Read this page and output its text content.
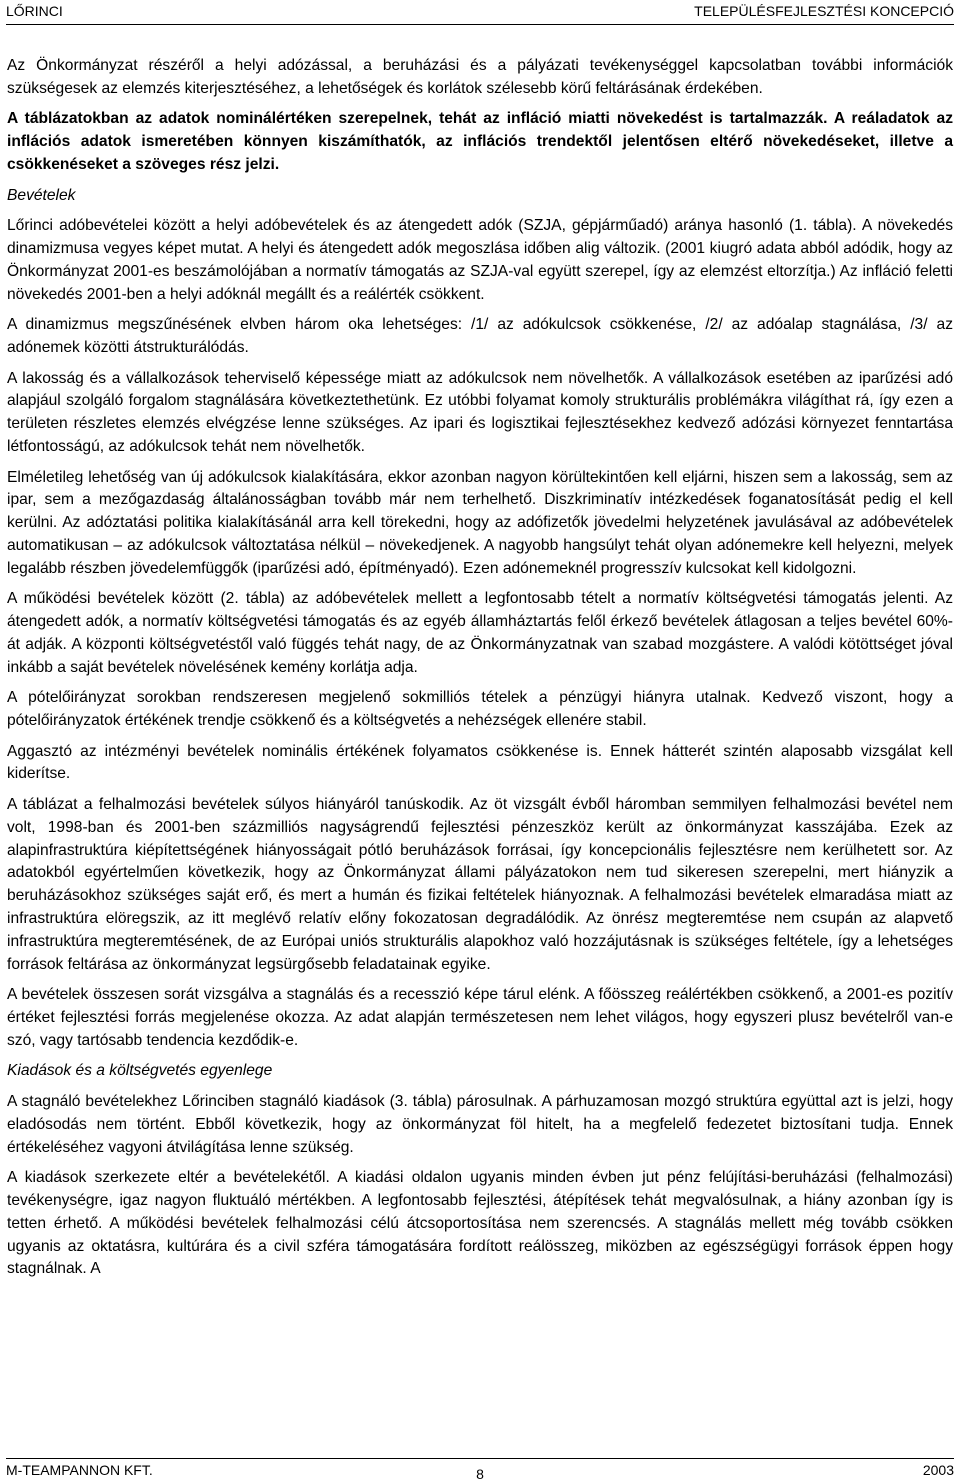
LŐRINCI	TELEPÜLÉSFEJLESZTÉSI KONCEPCIÓ

Az Önkormányzat részéről a helyi adózással, a beruházási és a pályázati tevékenységgel kapcsolatban további információk szükségesek az elemzés kiterjesztéséhez, a lehetőségek és korlátok szélesebb körű feltárásának érdekében.

A táblázatokban az adatok nominálértéken szerepelnek, tehát az infláció miatti növekedést is tartalmazzák. A reáladatok az inflációs adatok ismeretében könnyen kiszámíthatók, az inflációs trendektől jelentősen eltérő növekedéseket, illetve a csökkenéseket a szöveges rész jelzi.

Bevételek

Lőrinci adóbevételei között a helyi adóbevételek és az átengedett adók (SZJA, gépjárműadó) aránya hasonló (1. tábla). A növekedés dinamizmusa vegyes képet mutat. A helyi és átengedett adók megoszlása időben alig változik. (2001 kiugró adata abból adódik, hogy az Önkormányzat 2001-es beszámolójában a normatív támogatás az SZJA-val együtt szerepel, így az elemzést eltorzítja.) Az infláció feletti növekedés 2001-ben a helyi adóknál megállt és a reálérték csökkent.

A dinamizmus megszűnésének elvben három oka lehetséges: /1/ az adókulcsok csökkenése, /2/ az adóalap stagnálása, /3/ az adónemek közötti átstrukturálódás.

A lakosság és a vállalkozások teherviselő képessége miatt az adókulcsok nem növelhetők. A vállalkozások esetében az iparűzési adó alapjául szolgáló forgalom stagnálására következtethetünk. Ez utóbbi folyamat komoly strukturális problémákra világíthat rá, így ezen a területen részletes elemzés elvégzése lenne szükséges. Az ipari és logisztikai fejlesztésekhez kedvező adózási környezet fenntartása létfontosságú, az adókulcsok tehát nem növelhetők.

Elméletileg lehetőség van új adókulcsok kialakítására, ekkor azonban nagyon körültekintően kell eljárni, hiszen sem a lakosság, sem az ipar, sem a mezőgazdaság általánosságban tovább már nem terhelhető. Diszkriminatív intézkedések foganatosítását pedig el kell kerülni. Az adóztatási politika kialakításánál arra kell törekedni, hogy az adófizetők jövedelmi helyzetének javulásával az adóbevételek automatikusan – az adókulcsok változtatása nélkül – növekedjenek. A nagyobb hangsúlyt tehát olyan adónemekre kell helyezni, melyek legalább részben jövedelemfüggők (iparűzési adó, építményadó). Ezen adónemeknél progresszív kulcsokat kell kidolgozni.

A működési bevételek között (2. tábla) az adóbevételek mellett a legfontosabb tételt a normatív költségvetési támogatás jelenti. Az átengedett adók, a normatív költségvetési támogatás és az egyéb államháztartás felől érkező bevételek átlagosan a teljes bevétel 60%-át adják. A központi költségvetéstől való függés tehát nagy, de az Önkormányzatnak van szabad mozgástere. A valódi kötöttséget jóval inkább a saját bevételek növelésének kemény korlátja adja.

A pótelőirányzat sorokban rendszeresen megjelenő sokmilliós tételek a pénzügyi hiányra utalnak. Kedvező viszont, hogy a pótelőirányzatok értékének trendje csökkenő és a költségvetés a nehézségek ellenére stabil.

Aggasztó az intézményi bevételek nominális értékének folyamatos csökkenése is. Ennek hátterét szintén alaposabb vizsgálat kell kiderítse.

A táblázat a felhalmozási bevételek súlyos hiányáról tanúskodik. Az öt vizsgált évből háromban semmilyen felhalmozási bevétel nem volt, 1998-ban és 2001-ben százmilliós nagyságrendű fejlesztési pénzeszköz került az önkormányzat kasszájába. Ezek az alapinfrastruktúra kiépítettségének hiányosságait pótló beruházások forrásai, így koncepcionális fejlesztésre nem kerülhetett sor. Az adatokból egyértelműen következik, hogy az Önkormányzat állami pályázatokon nem tud sikeresen szerepelni, mert hiányzik a beruházásokhoz szükséges saját erő, és mert a humán és fizikai feltételek hiányoznak. A felhalmozási bevételek elmaradása miatt az infrastruktúra elöregszik, az itt meglévő relatív előny fokozatosan degradálódik. Az önrész megteremtése nem csupán az alapvető infrastruktúra megteremtésének, de az Európai uniós strukturális alapokhoz való hozzájutásnak is szükséges feltétele, így a lehetséges források feltárása az önkormányzat legsürgősebb feladatainak egyike.

A bevételek összesen sorát vizsgálva a stagnálás és a recesszió képe tárul elénk. A főösszeg reálértékben csökkenő, a 2001-es pozitív értéket fejlesztési forrás megjelenése okozza. Az adat alapján természetesen nem lehet világos, hogy egyszeri plusz bevételről van-e szó, vagy tartósabb tendencia kezdődik-e.

Kiadások és a költségvetés egyenlege

A stagnáló bevételekhez Lőrinciben stagnáló kiadások (3. tábla) párosulnak. A párhuzamosan mozgó struktúra együttal azt is jelzi, hogy eladósodás nem történt. Ebből következik, hogy az önkormányzat föl hitelt, ha a megfelelő fedezetet biztosítani tudja. Ennek értékeléséhez vagyoni átvilágítása lenne szükség.

A kiadások szerkezete eltér a bevételekétől. A kiadási oldalon ugyanis minden évben jut pénz felújítási-beruházási (felhalmozási) tevékenységre, igaz nagyon fluktuáló mértékben. A legfontosabb fejlesztési, átépítések tehát megvalósulnak, a hiány azonban így is tetten érhető. A működési bevételek felhalmozási célú átcsoportosítása nem szerencsés. A stagnálás mellett még tovább csökken ugyanis az oktatásra, kultúrára és a civil szféra támogatására fordított reálösszeg, miközben az egészségügyi források éppen hogy stagnálnak. A

M-TEAMPANNON KFT.	8	2003
